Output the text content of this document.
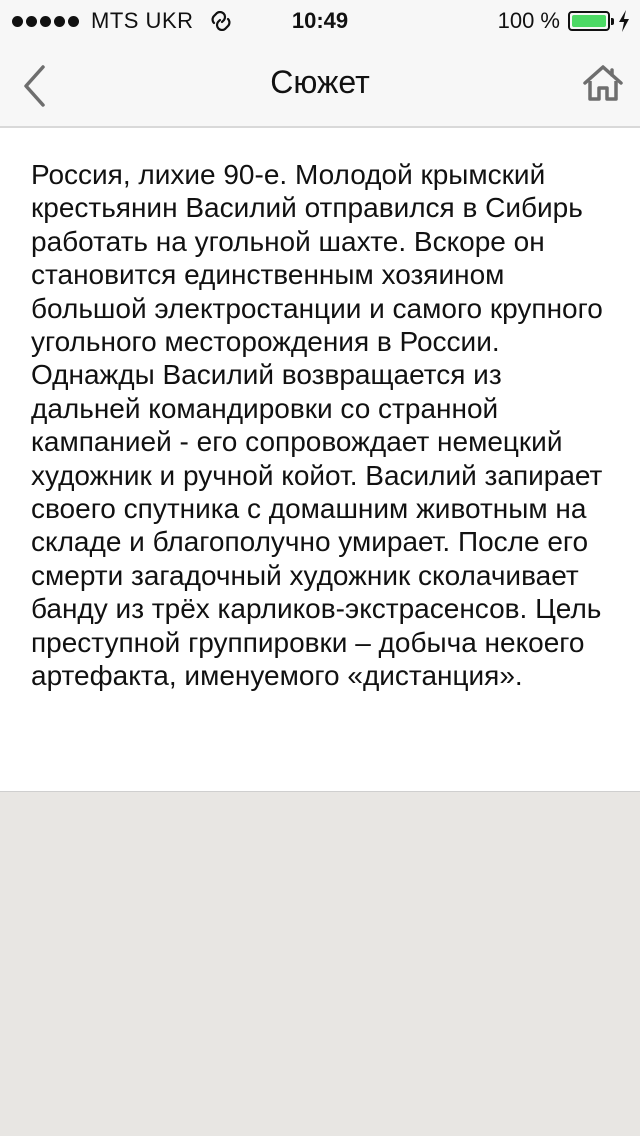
MTS UKR	10:49	100 %
Сюжет

Россия, лихие 90-е. Молодой крымский крестьянин Василий отправился в Сибирь работать на угольной шахте. Вскоре он становится единственным хозяином большой электростанции и самого крупного угольного месторождения в России. Однажды Василий возвращается из дальней командировки со странной кампанией - его сопровождает немецкий художник и ручной койот. Василий запирает своего спутника с домашним животным на складе и благополучно умирает. После его смерти загадочный художник сколачивает банду из трёх карликов-экстрасенсов. Цель преступной группировки – добыча некоего артефакта, именуемого «дистанция».
